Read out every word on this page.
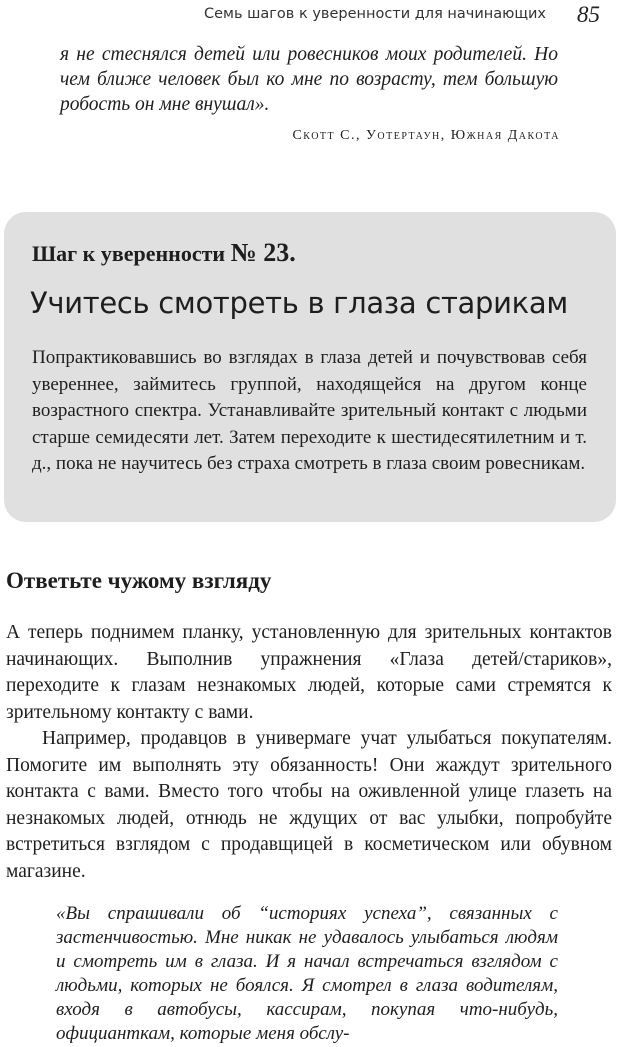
Семь шагов к уверенности для начинающих 85

я не стеснялся детей или ровесников моих родителей. Но чем ближе человек был ко мне по возрасту, тем большую робость он мне внушал».

Скотт С., Уотертаун, Южная Дакота
Шаг к уверенности № 23.
Учитесь смотреть в глаза старикам

Попрактиковавшись во взглядах в глаза детей и почувствовав себя увереннее, займитесь группой, находящейся на другом конце возрастного спектра. Устанавливайте зрительный контакт с людьми старше семидесяти лет. Затем переходите к шестидесятилетним и т. д., пока не научитесь без страха смотреть в глаза своим ровесникам.

Ответьте чужому взгляду

А теперь поднимем планку, установленную для зрительных контактов начинающих. Выполнив упражнения «Глаза детей/стариков», переходите к глазам незнакомых людей, которые сами стремятся к зрительному контакту с вами.

Например, продавцов в универмаге учат улыбаться покупателям. Помогите им выполнять эту обязанность! Они жаждут зрительного контакта с вами. Вместо того чтобы на оживленной улице глазеть на незнакомых людей, отнюдь не ждущих от вас улыбки, попробуйте встретиться взглядом с продавщицей в косметическом или обувном магазине.

«Вы спрашивали об “историях успеха”, связанных с застенчивостью. Мне никак не удавалось улыбаться людям и смотреть им в глаза. И я начал встречаться взглядом с людьми, которых не боялся. Я смотрел в глаза водителям, входя в автобусы, кассирам, покупая что-нибудь, официанткам, которые меня обслу-
